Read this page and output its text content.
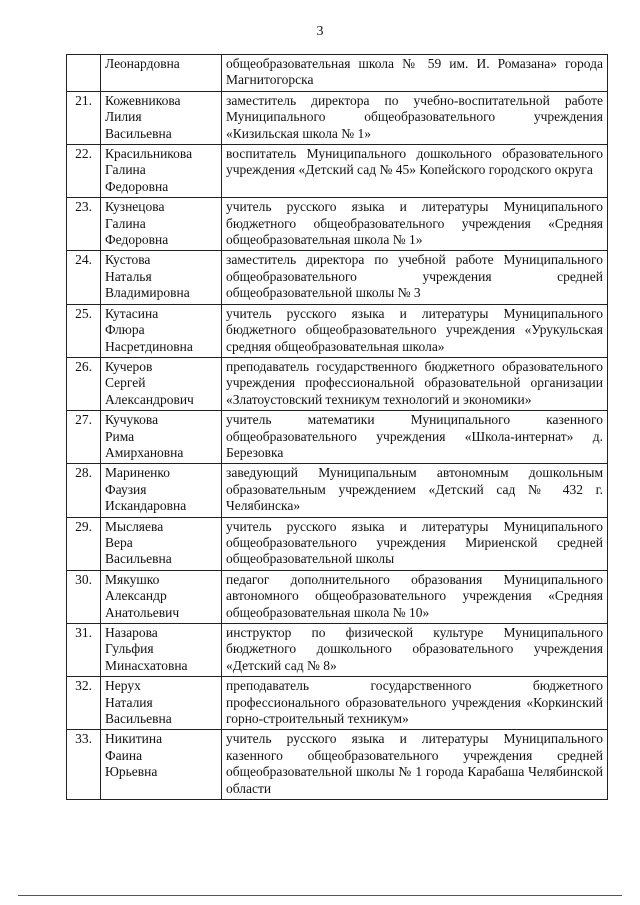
3

	Леонардовна	общеобразовательная школа № 59 им. И. Ромазана» города Магнитогорска
21.	Кожевникова
Лилия
Васильевна	заместитель директора по учебно-воспитательной работе Муниципального общеобразовательного учреждения «Кизильская школа № 1»
22.	Красильникова
Галина
Федоровна	воспитатель Муниципального дошкольного образовательного учреждения «Детский сад № 45» Копейского городского округа
23.	Кузнецова
Галина
Федоровна	учитель русского языка и литературы Муниципального бюджетного общеобразовательного учреждения «Средняя общеобразовательная школа № 1»
24.	Кустова
Наталья
Владимировна	заместитель директора по учебной работе Муниципального общеобразовательного учреждения средней общеобразовательной школы № 3
25.	Кутасина
Флюра
Насретдиновна	учитель русского языка и литературы Муниципального бюджетного общеобразовательного учреждения «Урукульская средняя общеобразовательная школа»
26.	Кучеров
Сергей
Александрович	преподаватель государственного бюджетного образовательного учреждения профессиональной образовательной организации «Златоустовский техникум технологий и экономики»
27.	Кучукова
Рима
Амирхановна	учитель математики Муниципального казенного общеобразовательного учреждения «Школа-интернат» д. Березовка
28.	Мариненко
Фаузия
Искандаровна	заведующий Муниципальным автономным дошкольным образовательным учреждением «Детский сад № 432 г. Челябинска»
29.	Мысляева
Вера
Васильевна	учитель русского языка и литературы Муниципального общеобразовательного учреждения Мириенской средней общеобразовательной школы
30.	Мякушко
Александр
Анатольевич	педагог дополнительного образования Муниципального автономного общеобразовательного учреждения «Средняя общеобразовательная школа № 10»
31.	Назарова
Гульфия
Минасхатовна	инструктор по физической культуре Муниципального бюджетного дошкольного образовательного учреждения «Детский сад № 8»
32.	Нерух
Наталия
Васильевна	преподаватель государственного бюджетного профессионального образовательного учреждения «Коркинский горно-строительный техникум»
33.	Никитина
Фаина
Юрьевна	учитель русского языка и литературы Муниципального казенного общеобразовательного учреждения средней общеобразовательной школы № 1 города Карабаша Челябинской области
